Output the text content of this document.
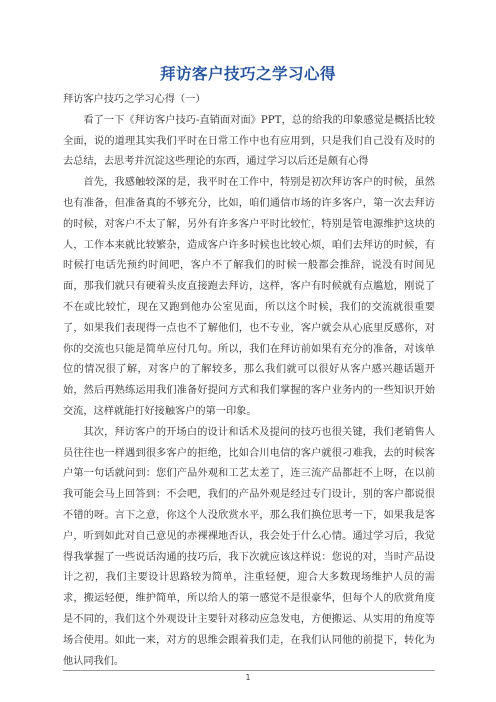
拜访客户技巧之学习心得

拜访客户技巧之学习心得（一）

看了一下《拜访客户技巧-直销面对面》PPT，总的给我的印象感觉是概括比较全面，说的道理其实我们平时在日常工作中也有应用到，只是我们自己没有及时的去总结，去思考并沉淀这些理论的东西，通过学习以后还是颇有心得

首先，我感触较深的是，我平时在工作中，特别是初次拜访客户的时候，虽然也有准备，但准备真的不够充分，比如，咱们通信市场的许多客户，第一次去拜访的时候，对客户不太了解，另外有许多客户平时比较忙，特别是管电源维护这块的人，工作本来就比较繁杂，造成客户许多时候也比较心烦，咱们去拜访的时候，有时候打电话先预约时间吧，客户不了解我们的时候一般都会推辞，说没有时间见面，那我们就只有硬着头皮直接跑去拜访，这样，客户有时候就有点尴尬，刚说了不在或比较忙，现在又跑到他办公室见面，所以这个时候，我们的交流就很重要了，如果我们表现得一点也不了解他们，也不专业，客户就会从心底里反感你，对你的交流也只能是简单应付几句。所以，我们在拜访前如果有充分的准备，对该单位的情况很了解，对客户的了解较多，那么我们就可以很好从客户感兴趣话题开始，然后再熟练运用我们准备好提问方式和我们掌握的客户业务内的一些知识开始交流，这样就能打好接触客户的第一印象。

其次，拜访客户的开场白的设计和话术及提问的技巧也很关键，我们老销售人员往往也一样遇到很多客户的拒绝，比如合川电信的客户就很刁难我，去的时候客户第一句话就问到：您们产品外观和工艺太差了，连三流产品都赶不上呀，在以前我可能会马上回答到：不会吧，我们的产品外观是经过专门设计，别的客户都说很不错的呀。言下之意，你这个人没欣赏水平，那么我们换位思考一下，如果我是客户，听到如此对自己意见的赤裸裸地否认，我会处于什么心情。通过学习后，我觉得我掌握了一些说话沟通的技巧后，我下次就应该这样说：您说的对，当时产品设计之初，我们主要设计思路较为简单，注重轻便，迎合大多数现场维护人员的需求，搬运轻便，维护简单，所以给人的第一感觉不是很豪华，但每个人的欣赏角度是不同的，我们这个外观设计主要针对移动应急发电，方便搬运、从实用的角度等场合使用。如此一来，对方的思维会跟着我们走，在我们认同他的前提下，转化为他认同我们。

1
